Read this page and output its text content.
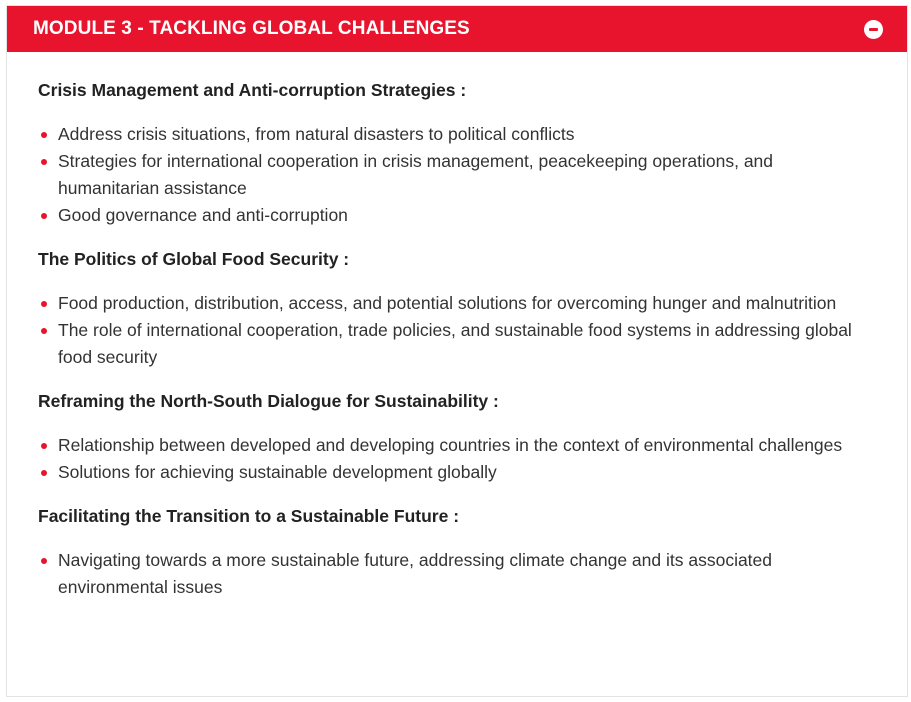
MODULE 3 - TACKLING GLOBAL CHALLENGES
Crisis Management and Anti-corruption Strategies :
Address crisis situations, from natural disasters to political conflicts
Strategies for international cooperation in crisis management, peacekeeping operations, and humanitarian assistance
Good governance and anti-corruption
The Politics of Global Food Security :
Food production, distribution, access, and potential solutions for overcoming hunger and malnutrition
The role of international cooperation, trade policies, and sustainable food systems in addressing global food security
Reframing the North-South Dialogue for Sustainability :
Relationship between developed and developing countries in the context of environmental challenges
Solutions for achieving sustainable development globally
Facilitating the Transition to a Sustainable Future :
Navigating towards a more sustainable future, addressing climate change and its associated environmental issues
